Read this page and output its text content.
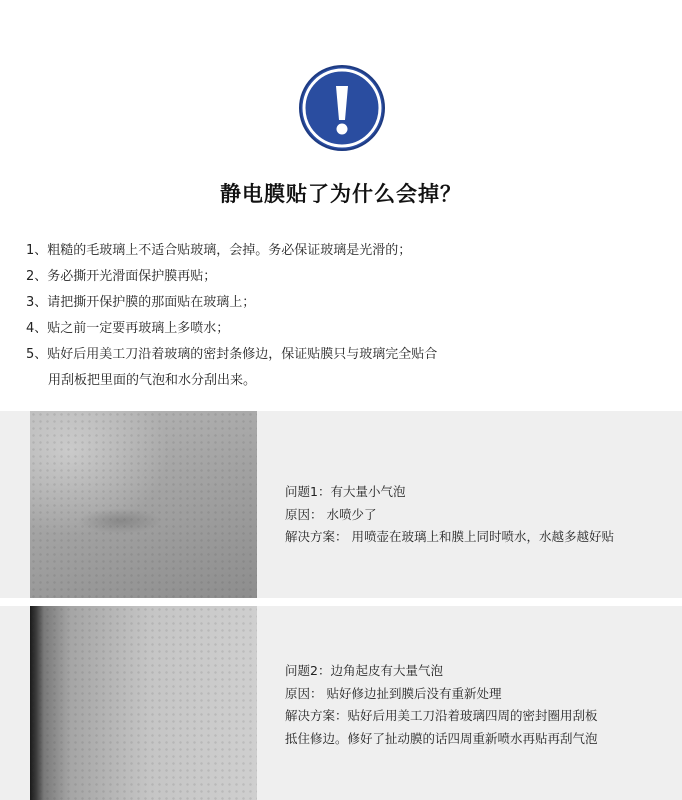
静电膜贴了为什么会掉？
1、粗糙的毛玻璃上不适合贴玻璃，会掉。务必保证玻璃是光滑的；
2、务必撕开光滑面保护膜再贴；
3、请把撕开保护膜的那面贴在玻璃上；
4、贴之前一定要再玻璃上多喷水；
5、贴好后用美工刀沿着玻璃的密封条修边，保证贴膜只与玻璃完全贴合
用刮板把里面的气泡和水分刮出来。
问题1：有大量小气泡
原因： 水喷少了
解决方案： 用喷壶在玻璃上和膜上同时喷水，水越多越好贴
问题2：边角起皮有大量气泡
原因： 贴好修边扯到膜后没有重新处理
解决方案：贴好后用美工刀沿着玻璃四周的密封圈用刮板
抵住修边。修好了扯动膜的话四周重新喷水再贴再刮气泡
